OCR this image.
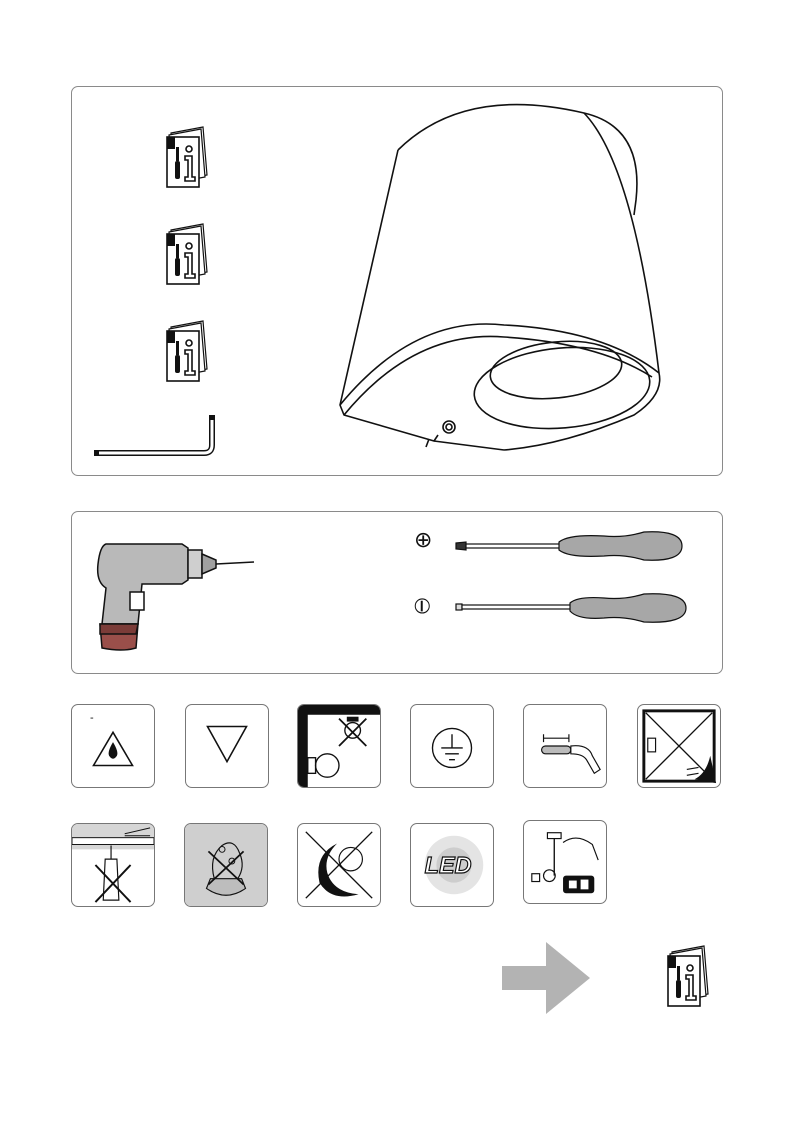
⊕
⦶
-
LED
